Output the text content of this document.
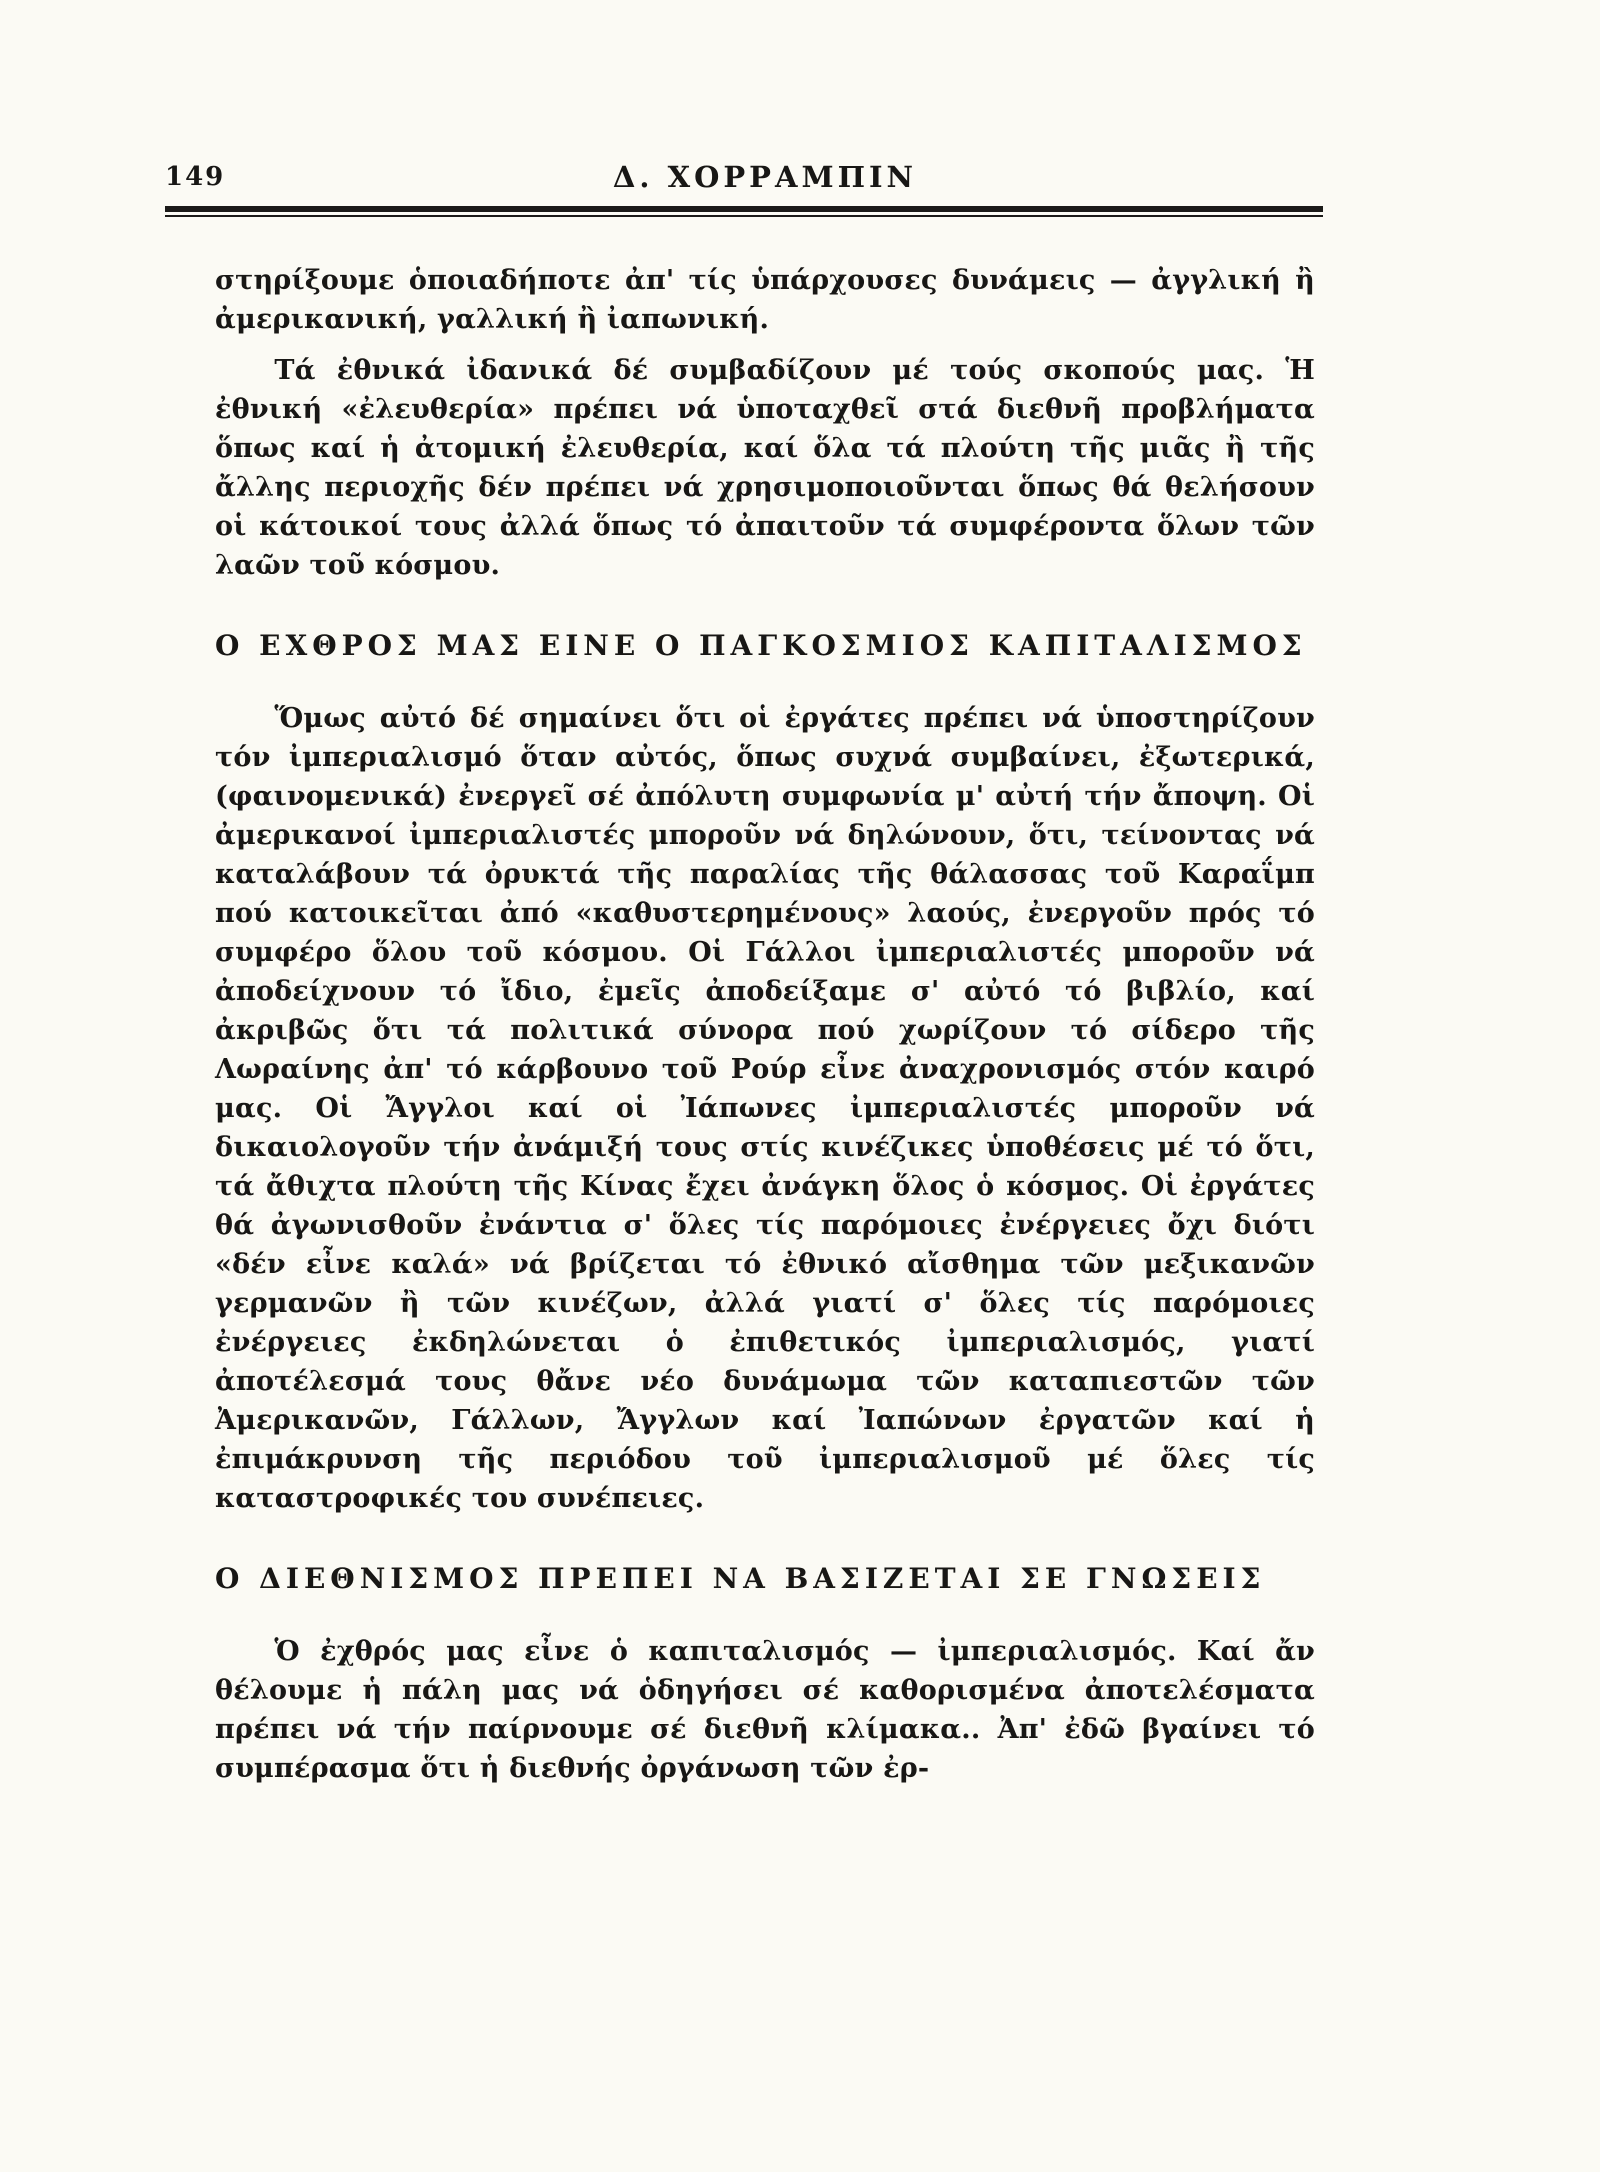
149	Δ. ΧΟΡΡΑΜΠΙΝ

στηρίξουμε ὁποιαδήποτε ἀπ' τίς ὑπάρχουσες δυνάμεις — ἀγγλική ἢ ἀμερικανική, γαλλική ἢ ἰαπωνική.

Τά ἐθνικά ἰδανικά δέ συμβαδίζουν μέ τούς σκοπούς μας. Ἡ ἐθνική «ἐλευθερία» πρέπει νά ὑποταχθεῖ στά διεθνῆ προβλήματα ὅπως καί ἡ ἀτομική ἐλευθερία, καί ὅλα τά πλούτη τῆς μιᾶς ἢ τῆς ἄλλης περιοχῆς δέν πρέπει νά χρησιμοποιοῦνται ὅπως θά θελήσουν οἱ κάτοικοί τους ἀλλά ὅπως τό ἀπαιτοῦν τά συμφέροντα ὅλων τῶν λαῶν τοῦ κόσμου.

Ο ΕΧΘΡΟΣ ΜΑΣ ΕΙΝΕ Ο ΠΑΓΚΟΣΜΙΟΣ ΚΑΠΙΤΑΛΙΣΜΟΣ

Ὅμως αὐτό δέ σημαίνει ὅτι οἱ ἐργάτες πρέπει νά ὑποστηρίζουν τόν ἰμπεριαλισμό ὅταν αὐτός, ὅπως συχνά συμβαίνει, ἐξωτερικά, (φαινομενικά) ἐνεργεῖ σέ ἀπόλυτη συμφωνία μ' αὐτή τήν ἄποψη. Οἱ ἀμερικανοί ἰμπεριαλιστές μποροῦν νά δηλώνουν, ὅτι, τείνοντας νά καταλάβουν τά ὀρυκτά τῆς παραλίας τῆς θάλασσας τοῦ Καραΐμπ πού κατοικεῖται ἀπό «καθυστερημένους» λαούς, ἐνεργοῦν πρός τό συμφέρο ὅλου τοῦ κόσμου. Οἱ Γάλλοι ἰμπεριαλιστές μποροῦν νά ἀποδείχνουν τό ἴδιο, ἐμεῖς ἀποδείξαμε σ' αὐτό τό βιβλίο, καί ἀκριβῶς ὅτι τά πολιτικά σύνορα πού χωρίζουν τό σίδερο τῆς Λωραίνης ἀπ' τό κάρβουνο τοῦ Ρούρ εἶνε ἀναχρονισμός στόν καιρό μας. Οἱ Ἄγγλοι καί οἱ Ἰάπωνες ἰμπεριαλιστές μποροῦν νά δικαιολογοῦν τήν ἀνάμιξή τους στίς κινέζικες ὑποθέσεις μέ τό ὅτι, τά ἄθιχτα πλούτη τῆς Κίνας ἔχει ἀνάγκη ὅλος ὁ κόσμος. Οἱ ἐργάτες θά ἀγωνισθοῦν ἐνάντια σ' ὅλες τίς παρόμοιες ἐνέργειες ὄχι διότι «δέν εἶνε καλά» νά βρίζεται τό ἐθνικό αἴσθημα τῶν μεξικανῶν γερμανῶν ἢ τῶν κινέζων, ἀλλά γιατί σ' ὅλες τίς παρόμοιες ἐνέργειες ἐκδηλώνεται ὁ ἐπιθετικός ἰμπεριαλισμός, γιατί ἀποτέλεσμά τους θἄνε νέο δυνάμωμα τῶν καταπιεστῶν τῶν Ἀμερικανῶν, Γάλλων, Ἄγγλων καί Ἰαπώνων ἐργατῶν καί ἡ ἐπιμάκρυνση τῆς περιόδου τοῦ ἰμπεριαλισμοῦ μέ ὅλες τίς καταστροφικές του συνέπειες.

Ο ΔΙΕΘΝΙΣΜΟΣ ΠΡΕΠΕΙ ΝΑ ΒΑΣΙΖΕΤΑΙ ΣΕ ΓΝΩΣΕΙΣ

Ὁ ἐχθρός μας εἶνε ὁ καπιταλισμός — ἰμπεριαλισμός. Καί ἄν θέλουμε ἡ πάλη μας νά ὁδηγήσει σέ καθορισμένα ἀποτελέσματα πρέπει νά τήν παίρνουμε σέ διεθνῆ κλίμακα.. Ἀπ' ἐδῶ βγαίνει τό συμπέρασμα ὅτι ἡ διεθνής ὀργάνωση τῶν ἐρ-
